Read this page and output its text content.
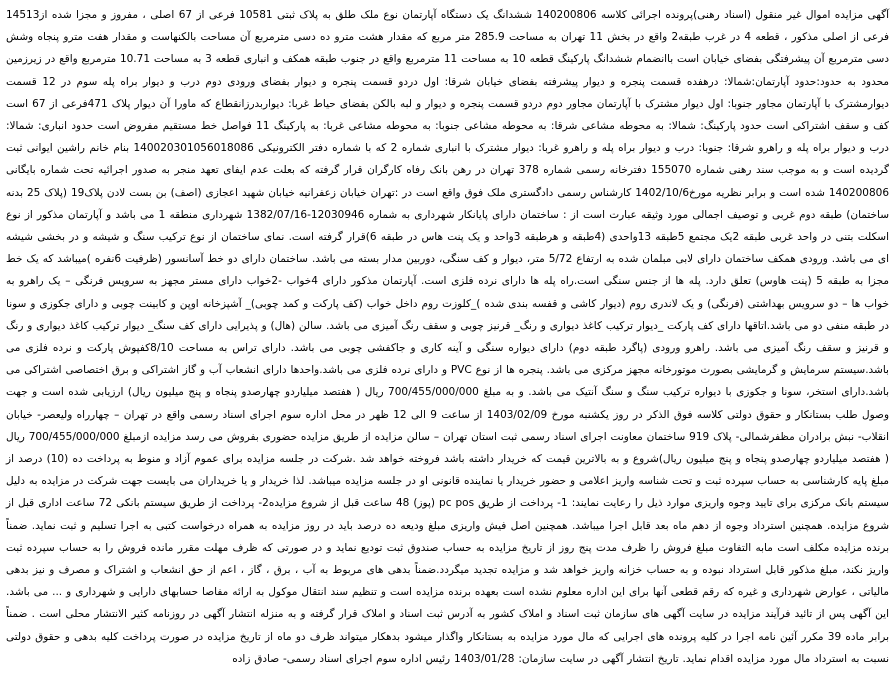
آگهی مزایده اموال غیر منقول (اسناد رهنی)پرونده اجرائی کلاسه 140200806 ششدانگ یک دستگاه آپارتمان نوع ملک طلق به پلاک ثبتی 10581 فرعی از 67 اصلی ، مفروز و مجزا شده از14513 فرعی از اصلی مذکور ، قطعه 4 در غرب طبقه2 واقع در بخش 11 تهران به مساحت 285.9 متر مربع که مقدار هشت مترو ده دسی مترمربع آن مساحت بالکنهاست و مقدار هفت مترو پنجاه وشش دسی مترمربع آن پیشرفتگی بفضای خیابان است باانضمام ششدانگ پارکینگ قطعه 10 به مساحت 11 مترمربع واقع در جنوب طبقه همکف و انباری قطعه 3 به مساحت 10.71 مترمربع واقع در زیرزمین محدود به حدود:حدود آپارتمان:شمالا: درهفده قسمت پنجره و دیوار پیشرفته بفضای خیابان شرقا: اول دردو قسمت پنجره و دیوار بفضای ورودی دوم درب و دیوار براه پله سوم در 12 قسمت دیوارمشترک با آپارتمان مجاور جنوبا: اول دیوار مشترک با آپارتمان مجاور دوم دردو قسمت پنجره و دیوار و لبه بالکن بفضای حیاط غربا: دیواربدرزانقطاع که ماورا آن دیوار پلاک 471فرعی از 67 است کف و سقف اشتراکی است حدود پارکینگ: شمالا: به محوطه مشاعی شرقا: به محوطه مشاعی جنوبا: به محوطه مشاعی غربا: به پارکینگ 11 فواصل خط مستقیم مفروض است حدود انباری: شمالا: درب و دیوار براه پله و راهرو شرقا: جنوبا: درب و دیوار براه پله و راهرو غربا: دیوار مشترک با انباری شماره 2 که با شماره دفتر الکترونیکی 140020301056018086 بنام خانم راشین ایوانی ثبت گردیده است و به موجب سند رهنی شماره 155070 دفترخانه رسمی شماره 378 تهران در رهن بانک رفاه کارگران قرار گرفته که بعلت عدم ایفای تعهد منجر به صدور اجرائیه تحت شماره بایگانی 140200806 شده است و برابر نظریه مورخ1402/10/6 کارشناس رسمی دادگستری ملک فوق واقع است در :تهران خیابان زعفرانیه خیابان شهید اعجازی (اصف) بن بست لادن پلاک19 (پلاک 25 بدنه ساختمان) طبقه دوم غربی و توصیف اجمالی مورد وثیقه عبارت است از : ساختمان دارای پایانکار شهرداری به شماره 12030946-1382/07/16 شهرداری منطقه 1 می باشد و آپارتمان مذکور از نوع اسکلت بتنی در واحد غربی طبقه 2یک مجتمع 5طبقه 13واحدی (4طبقه و هرطبقه 3واحد و یک پنت هاس در طبقه 6)قرار گرفته است. نمای ساختمان از نوع ترکیب سنگ و شیشه و در بخشی شیشه ای می باشد. ورودی همکف ساختمان دارای لابی مبلمان شده به ارتفاع 5/72 متر، دیوار و کف سنگی، دوربین مدار بسته می باشد. ساختمان دارای دو خط آسانسور (ظرفیت 6نفره )میباشد که یک خط مجزا به طبقه 5 (پنت هاوس) تعلق دارد. پله ها از جنس سنگی است.راه پله ها دارای نرده فلزی است. آپارتمان مذکور دارای 4خواب -2خواب دارای مستر مجهز به سرویس فرنگی – یک راهرو به خواب ها – دو سرویس بهداشتی (فرنگی) و یک لاندری روم (دیوار کاشی و قفسه بندی شده )_کلوزت روم داخل خواب (کف پارکت و کمد چوبی)_ آشپزخانه اوپن و کابینت چوبی و دارای جکوزی و سونا در طبقه منفی دو می باشد.اتاقها دارای کف پارکت _دیوار ترکیب کاغذ دیواری و رنگ_ قرنیز چوبی و سقف رنگ آمیزی می باشد. سالن (هال) و پذیرایی دارای کف سنگ_ دیوار ترکیب کاغذ دیواری و رنگ و قرنیز و سقف رنگ آمیزی می باشد. راهرو ورودی (پاگرد طبقه دوم) دارای دیواره سنگی و آینه کاری و جاکفشی چوبی می باشد. دارای تراس به مساحت 8/10کفپوش پارکت و نرده فلزی می باشد.سیستم سرمایش و گرمایشی بصورت موتورخانه مجهز مرکزی می باشد. پنجره ها از نوع PVC و دارای نرده فلزی می باشد.واحدها دارای انشعاب آب و گاز اشتراکی و برق اختصاصی اشتراکی می باشد.دارای استخر، سونا و جکوزی با دیواره ترکیب سنگ و سنگ آنتیک می باشد. و به مبلغ 700/455/000/000 ریال ( هفتصد میلیاردو چهارصدو پنجاه و پنج میلیون ریال) ارزیابی شده است و جهت وصول طلب بستانکار و حقوق دولتی کلاسه فوق الذکر در روز یکشنبه مورخ 1403/02/09 از ساعت 9 الی 12 ظهر در محل اداره سوم اجرای اسناد رسمی واقع در تهران – چهارراه ولیعصر- خیابان انقلاب- نبش برادران مظفرشمالی- پلاک 919 ساختمان معاونت اجرای اسناد رسمی ثبت استان تهران – سالن مزایده از طریق مزایده حضوری بفروش می رسد مزایده ازمبلغ 700/455/000/000 ریال ( هفتصد میلیاردو چهارصدو پنجاه و پنج میلیون ریال)شروع و به بالاترین قیمت که خریدار داشته باشد فروخته خواهد شد .شرکت در جلسه مزایده برای عموم آزاد و منوط به پرداخت ده (10) درصد از مبلغ پایه کارشناسی به حساب سپرده ثبت و تحت شناسه واریز اعلامی و حضور خریدار یا نماینده قانونی او در جلسه مزایده میباشد. لذا خریدار و یا خریداران می بایست جهت شرکت در مزایده به دلیل سیستم بانک مرکزی برای تایید وجوه واریزی موارد ذیل را رعایت نمایند: 1- پرداخت از طریق pc pos (پوز) 48 ساعت قبل از شروع مزایده2- پرداخت از طریق سیستم بانکی 72 ساعت اداری قبل از شروع مزایده. همچنین استرداد وجوه از دهم ماه بعد قابل اجرا میباشد. همچنین اصل فیش واریزی مبلغ ودیعه ده درصد باید در روز مزایده به همراه درخواست کتبی به اجرا تسلیم و ثبت نماید. ضمناً برنده مزایده مکلف است مابه التفاوت مبلغ فروش را ظرف مدت پنج روز از تاریخ مزایده به حساب صندوق ثبت تودیع نماید و در صورتی که ظرف مهلت مقرر مانده فروش را به حساب سپرده ثبت واریز نکند، مبلغ مذکور قابل استرداد نبوده و به حساب خزانه واریز خواهد شد و مزایده تجدید میگردد.ضمناً بدهی های مربوط به آب ، برق ، گاز ، اعم از حق انشعاب و اشتراک و مصرف و نیز بدهی مالیاتی ، عوارض شهرداری و غیره که رقم قطعی آنها برای این اداره معلوم نشده است بعهده برنده مزایده است و تنظیم سند انتقال موکول به ارائه مفاصا حسابهای دارایی و شهرداری و ... می باشد. این آگهی پس از تائید فرآیند مزایده در سایت آگهی های سازمان ثبت اسناد و املاک کشور به آدرس ثبت اسناد و املاک قرار گرفته و به منزله انتشار آگهی در روزنامه کثیر الانتشار محلی است . ضمناً برابر ماده 39 مکرر آئین نامه اجرا در کلیه پرونده های اجرایی که مال مورد مزایده به بستانکار واگذار میشود بدهکار میتواند ظرف دو ماه از تاریخ مزایده در صورت پرداخت کلیه بدهی و حقوق دولتی نسبت به استرداد مال مورد مزایده اقدام نماید. تاریخ انتشار آگهی در سایت سازمان: 1403/01/28 رئیس اداره سوم اجرای اسناد رسمی- صادق زاده
